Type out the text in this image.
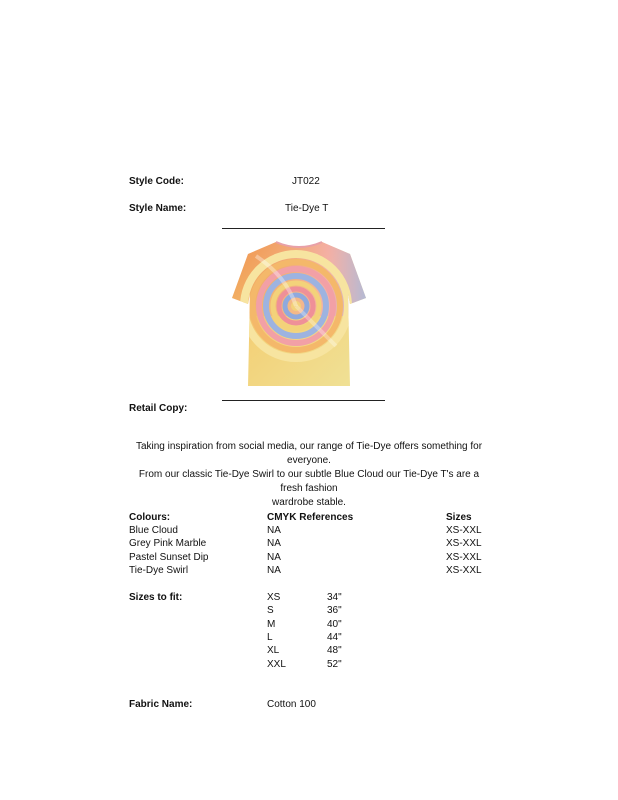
Style Code:	JT022
Style Name:	Tie-Dye T
Retail Copy:
Taking inspiration from social media, our range of Tie-Dye offers something for everyone.
From our classic Tie-Dye Swirl to our subtle Blue Cloud our Tie-Dye T's are a fresh fashion
wardrobe stable.
Colours:	CMYK References	Sizes
Blue Cloud	NA	XS-XXL
Grey Pink Marble	NA	XS-XXL
Pastel Sunset Dip	NA	XS-XXL
Tie-Dye Swirl	NA	XS-XXL
Sizes to fit:	XS	34"
S	36"
M	40"
L	44"
XL	48"
XXL	52"
Fabric Name:	Cotton 100
